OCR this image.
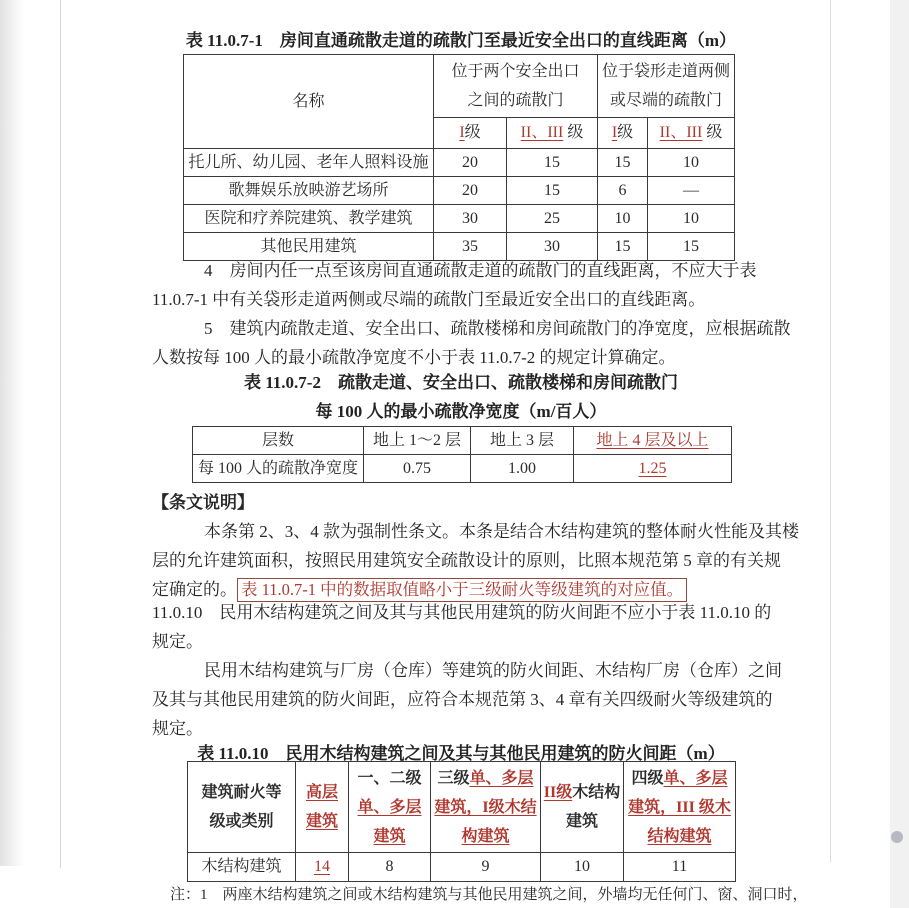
表 11.0.7-1　房间直通疏散走道的疏散门至最近安全出口的直线距离（m）
名称	位于两个安全出口之间的疏散门		位于袋形走道两侧或尽端的疏散门	
	I级	II、III 级	I级	II、III 级
托儿所、幼儿园、老年人照料设施	20	15	15	10
歌舞娱乐放映游艺场所	20	15	6	—
医院和疗养院建筑、教学建筑	30	25	10	10
其他民用建筑	35	30	15	15
4　房间内任一点至该房间直通疏散走道的疏散门的直线距离，不应大于表
11.0.7-1 中有关袋形走道两侧或尽端的疏散门至最近安全出口的直线距离。
5　建筑内疏散走道、安全出口、疏散楼梯和房间疏散门的净宽度，应根据疏散
人数按每 100 人的最小疏散净宽度不小于表 11.0.7-2 的规定计算确定。
表 11.0.7-2　疏散走道、安全出口、疏散楼梯和房间疏散门
每 100 人的最小疏散净宽度（m/百人）
层数	地上 1～2 层	地上 3 层	地上 4 层及以上
每 100 人的疏散净宽度	0.75	1.00	1.25
【条文说明】
本条第 2、3、4 款为强制性条文。本条是结合木结构建筑的整体耐火性能及其楼
层的允许建筑面积，按照民用建筑安全疏散设计的原则，比照本规范第 5 章的有关规
定确定的。 表 11.0.7-1 中的数据取值略小于三级耐火等级建筑的对应值。
11.0.10　民用木结构建筑之间及其与其他民用建筑的防火间距不应小于表 11.0.10 的
规定。
民用木结构建筑与厂房（仓库）等建筑的防火间距、木结构厂房（仓库）之间
及其与其他民用建筑的防火间距，应符合本规范第 3、4 章有关四级耐火等级建筑的
规定。
表 11.0.10　民用木结构建筑之间及其与其他民用建筑的防火间距（m）
建筑耐火等级或类别	高层建筑	一、二级单、多层建筑	三级单、多层建筑，I级木结构建筑	II级木结构建筑	四级单、多层建筑，III 级木结构建筑
木结构建筑	14	8	9	10	11
注：1　两座木结构建筑之间或木结构建筑与其他民用建筑之间，外墙均无任何门、窗、洞口时，
